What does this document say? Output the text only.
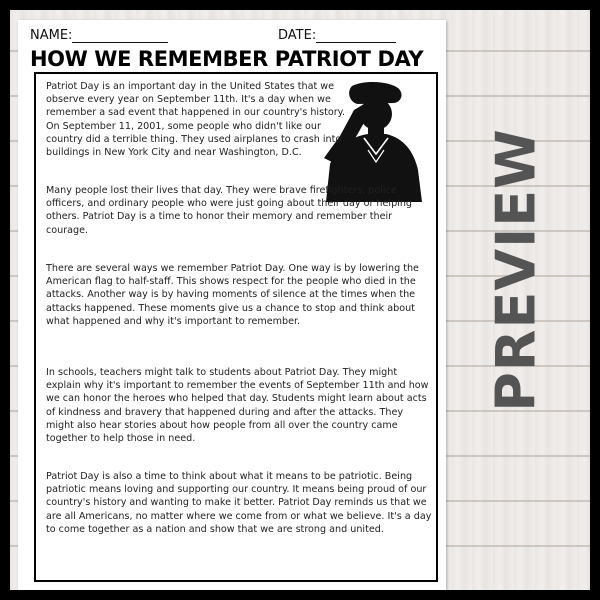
NAME:	DATE:
HOW WE REMEMBER PATRIOT DAY
Patriot Day is an important day in the United States that we observe every year on September 11th. It's a day when we remember a sad event that happened in our country's history. On September 11, 2001, some people who didn't like our country did a terrible thing. They used airplanes to crash into buildings in New York City and near Washington, D.C.
Many people lost their lives that day. They were brave firefighters, police officers, and ordinary people who were just going about their day or helping others. Patriot Day is a time to honor their memory and remember their courage.
There are several ways we remember Patriot Day. One way is by lowering the American flag to half-staff. This shows respect for the people who died in the attacks. Another way is by having moments of silence at the times when the attacks happened. These moments give us a chance to stop and think about what happened and why it's important to remember.
In schools, teachers might talk to students about Patriot Day. They might explain why it's important to remember the events of September 11th and how we can honor the heroes who helped that day. Students might learn about acts of kindness and bravery that happened during and after the attacks. They might also hear stories about how people from all over the country came together to help those in need.
Patriot Day is also a time to think about what it means to be patriotic. Being patriotic means loving and supporting our country. It means being proud of our country's history and wanting to make it better. Patriot Day reminds us that we are all Americans, no matter where we come from or what we believe. It's a day to come together as a nation and show that we are strong and united.
PREVIEW
